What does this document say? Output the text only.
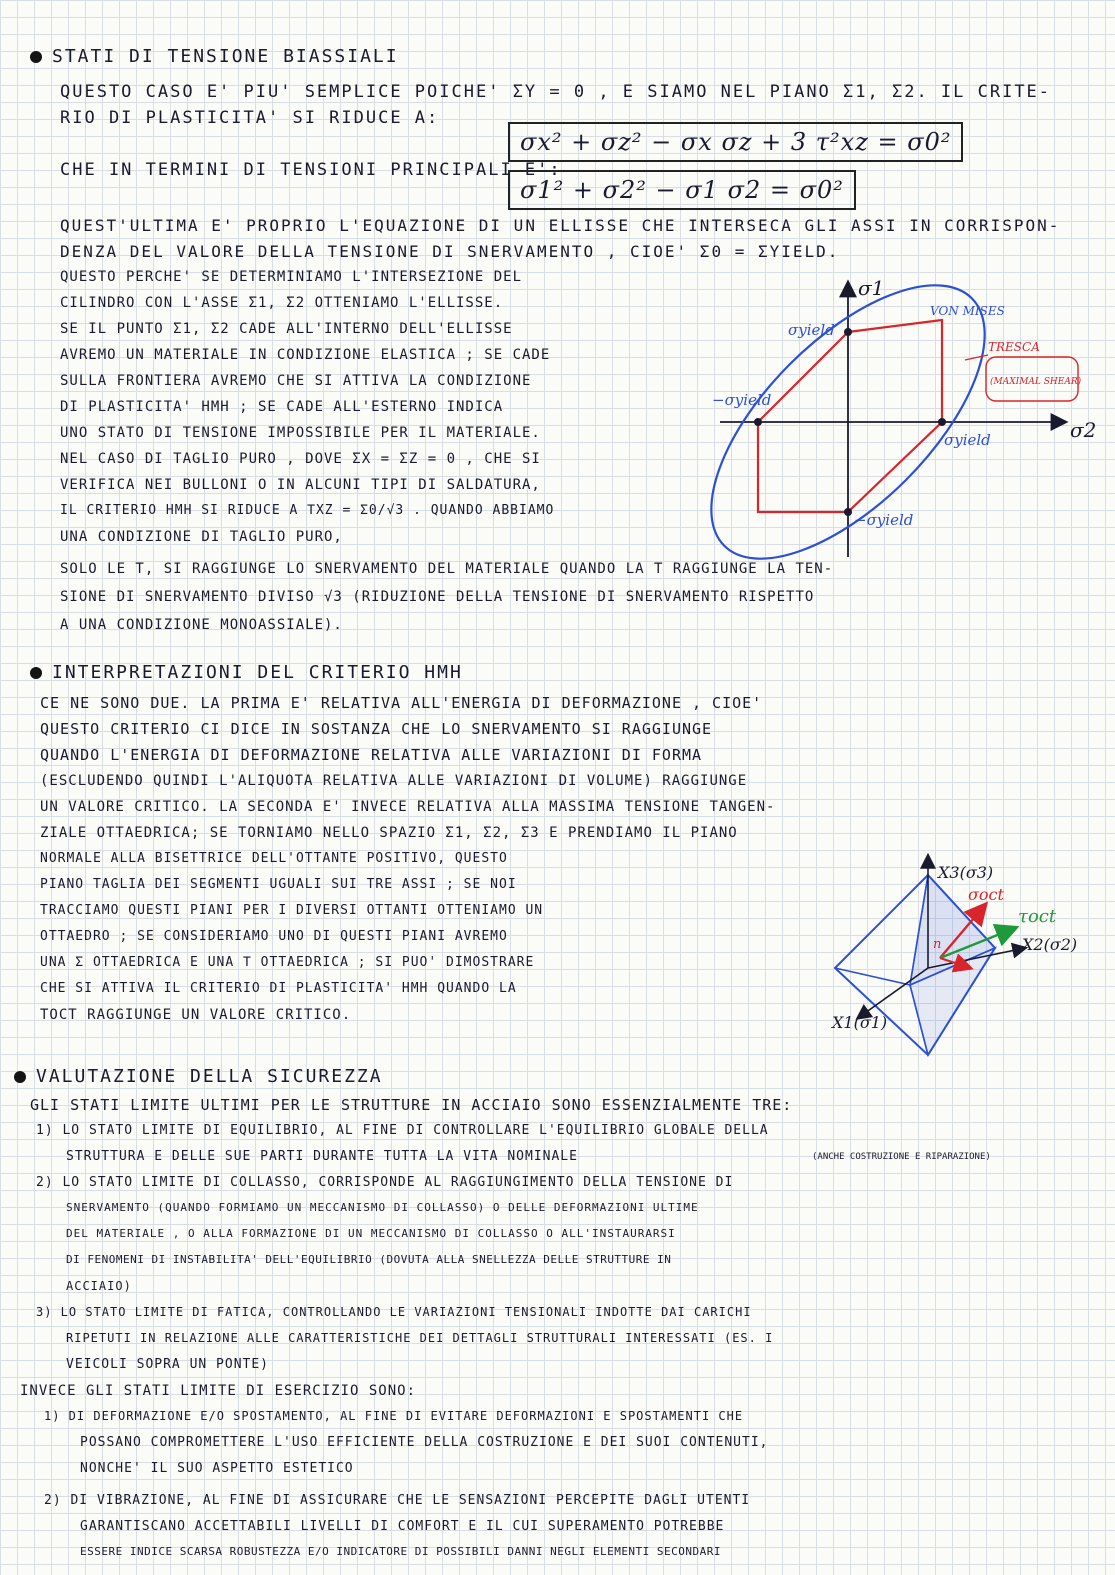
STATI DI TENSIONE BIASSIALI
QUESTO CASO E' PIU' SEMPLICE POICHE' ΣY = 0 , E SIAMO NEL PIANO Σ1, Σ2. IL CRITE-
RIO DI PLASTICITA' SI RIDUCE A:
σx² + σz² − σx σz + 3 τ²xz = σ0²
CHE IN TERMINI DI TENSIONI PRINCIPALI E':
σ1² + σ2² − σ1 σ2 = σ0²
QUEST'ULTIMA E' PROPRIO L'EQUAZIONE DI UN ELLISSE CHE INTERSECA GLI ASSI IN CORRISPON-
DENZA DEL VALORE DELLA TENSIONE DI SNERVAMENTO , CIOE' Σ0 = ΣYIELD.
QUESTO PERCHE' SE DETERMINIAMO L'INTERSEZIONE DEL
CILINDRO CON L'ASSE Σ1, Σ2 OTTENIAMO L'ELLISSE.
SE IL PUNTO Σ1, Σ2 CADE ALL'INTERNO DELL'ELLISSE
AVREMO UN MATERIALE IN CONDIZIONE ELASTICA ; SE CADE
SULLA FRONTIERA AVREMO CHE SI ATTIVA LA CONDIZIONE
DI PLASTICITA' HMH ; SE CADE ALL'ESTERNO INDICA
UNO STATO DI TENSIONE IMPOSSIBILE PER IL MATERIALE.
NEL CASO DI TAGLIO PURO , DOVE ΣX = ΣZ = 0 , CHE SI
VERIFICA NEI BULLONI O IN ALCUNI TIPI DI SALDATURA,
IL CRITERIO HMH SI RIDUCE A ΤXZ = Σ0/√3 . QUANDO ABBIAMO
UNA CONDIZIONE DI TAGLIO PURO,
SOLO LE Τ, SI RAGGIUNGE LO SNERVAMENTO DEL MATERIALE QUANDO LA Τ RAGGIUNGE LA TEN-
SIONE DI SNERVAMENTO DIVISO √3 (RIDUZIONE DELLA TENSIONE DI SNERVAMENTO RISPETTO
A UNA CONDIZIONE MONOASSIALE).
σ1
σ2
σyield
−σyield
σyield
−σyield
VON MISES
TRESCA
(MAXIMAL SHEAR)
INTERPRETAZIONI DEL CRITERIO HMH
CE NE SONO DUE. LA PRIMA E' RELATIVA ALL'ENERGIA DI DEFORMAZIONE , CIOE'
QUESTO CRITERIO CI DICE IN SOSTANZA CHE LO SNERVAMENTO SI RAGGIUNGE
QUANDO L'ENERGIA DI DEFORMAZIONE RELATIVA ALLE VARIAZIONI DI FORMA
(ESCLUDENDO QUINDI L'ALIQUOTA RELATIVA ALLE VARIAZIONI DI VOLUME) RAGGIUNGE
UN VALORE CRITICO. LA SECONDA E' INVECE RELATIVA ALLA MASSIMA TENSIONE TANGEN-
ZIALE OTTAEDRICA; SE TORNIAMO NELLO SPAZIO Σ1, Σ2, Σ3 E PRENDIAMO IL PIANO
NORMALE ALLA BISETTRICE DELL'OTTANTE POSITIVO, QUESTO
PIANO TAGLIA DEI SEGMENTI UGUALI SUI TRE ASSI ; SE NOI
TRACCIAMO QUESTI PIANI PER I DIVERSI OTTANTI OTTENIAMO UN
OTTAEDRO ; SE CONSIDERIAMO UNO DI QUESTI PIANI AVREMO
UNA Σ OTTAEDRICA E UNA Τ OTTAEDRICA ; SI PUO' DIMOSTRARE
CHE SI ATTIVA IL CRITERIO DI PLASTICITA' HMH QUANDO LA
ΤOCT RAGGIUNGE UN VALORE CRITICO.
X3(σ3)
X2(σ2)
X1(σ1)
σoct
τoct
n
VALUTAZIONE DELLA SICUREZZA
GLI STATI LIMITE ULTIMI PER LE STRUTTURE IN ACCIAIO SONO ESSENZIALMENTE TRE:
1) LO STATO LIMITE DI EQUILIBRIO, AL FINE DI CONTROLLARE L'EQUILIBRIO GLOBALE DELLA
STRUTTURA E DELLE SUE PARTI DURANTE TUTTA LA VITA NOMINALE	(ANCHE COSTRUZIONE E RIPARAZIONE)
2) LO STATO LIMITE DI COLLASSO, CORRISPONDE AL RAGGIUNGIMENTO DELLA TENSIONE DI
SNERVAMENTO (QUANDO FORMIAMO UN MECCANISMO DI COLLASSO) O DELLE DEFORMAZIONI ULTIME
DEL MATERIALE , O ALLA FORMAZIONE DI UN MECCANISMO DI COLLASSO O ALL'INSTAURARSI
DI FENOMENI DI INSTABILITA' DELL'EQUILIBRIO (DOVUTA ALLA SNELLEZZA DELLE STRUTTURE IN
ACCIAIO)
3) LO STATO LIMITE DI FATICA, CONTROLLANDO LE VARIAZIONI TENSIONALI INDOTTE DAI CARICHI
RIPETUTI IN RELAZIONE ALLE CARATTERISTICHE DEI DETTAGLI STRUTTURALI INTERESSATI (ES. I
VEICOLI SOPRA UN PONTE)
INVECE GLI STATI LIMITE DI ESERCIZIO SONO:
1) DI DEFORMAZIONE E/O SPOSTAMENTO, AL FINE DI EVITARE DEFORMAZIONI E SPOSTAMENTI CHE
POSSANO COMPROMETTERE L'USO EFFICIENTE DELLA COSTRUZIONE E DEI SUOI CONTENUTI,
NONCHE' IL SUO ASPETTO ESTETICO
2) DI VIBRAZIONE, AL FINE DI ASSICURARE CHE LE SENSAZIONI PERCEPITE DAGLI UTENTI
GARANTISCANO ACCETTABILI LIVELLI DI COMFORT E IL CUI SUPERAMENTO POTREBBE
ESSERE INDICE SCARSA ROBUSTEZZA E/O INDICATORE DI POSSIBILI DANNI NEGLI ELEMENTI SECONDARI
